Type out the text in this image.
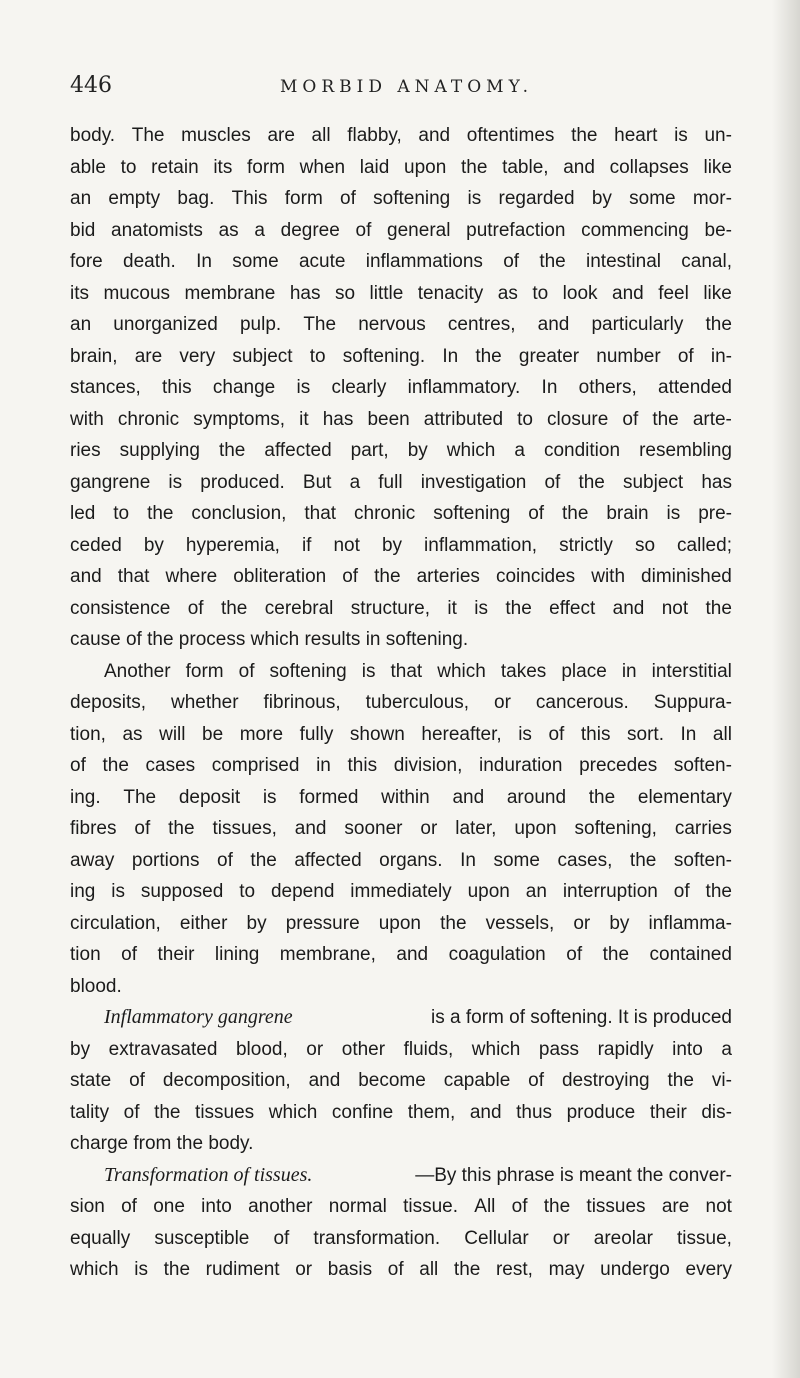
446	MORBID ANATOMY.
body. The muscles are all flabby, and oftentimes the heart is un-
able to retain its form when laid upon the table, and collapses like
an empty bag. This form of softening is regarded by some mor-
bid anatomists as a degree of general putrefaction commencing be-
fore death. In some acute inflammations of the intestinal canal,
its mucous membrane has so little tenacity as to look and feel like
an unorganized pulp. The nervous centres, and particularly the
brain, are very subject to softening. In the greater number of in-
stances, this change is clearly inflammatory. In others, attended
with chronic symptoms, it has been attributed to closure of the arte-
ries supplying the affected part, by which a condition resembling
gangrene is produced. But a full investigation of the subject has
led to the conclusion, that chronic softening of the brain is pre-
ceded by hyperemia, if not by inflammation, strictly so called;
and that where obliteration of the arteries coincides with diminished
consistence of the cerebral structure, it is the effect and not the
cause of the process which results in softening.
Another form of softening is that which takes place in interstitial
deposits, whether fibrinous, tuberculous, or cancerous. Suppura-
tion, as will be more fully shown hereafter, is of this sort. In all
of the cases comprised in this division, induration precedes soften-
ing. The deposit is formed within and around the elementary
fibres of the tissues, and sooner or later, upon softening, carries
away portions of the affected organs. In some cases, the soften-
ing is supposed to depend immediately upon an interruption of the
circulation, either by pressure upon the vessels, or by inflamma-
tion of their lining membrane, and coagulation of the contained
blood.
Inflammatory gangrene	is a form of softening. It is produced
by extravasated blood, or other fluids, which pass rapidly into a
state of decomposition, and become capable of destroying the vi-
tality of the tissues which confine them, and thus produce their dis-
charge from the body.
Transformation of tissues.	—By this phrase is meant the conver-
sion of one into another normal tissue. All of the tissues are not
equally susceptible of transformation. Cellular or areolar tissue,
which is the rudiment or basis of all the rest, may undergo every
